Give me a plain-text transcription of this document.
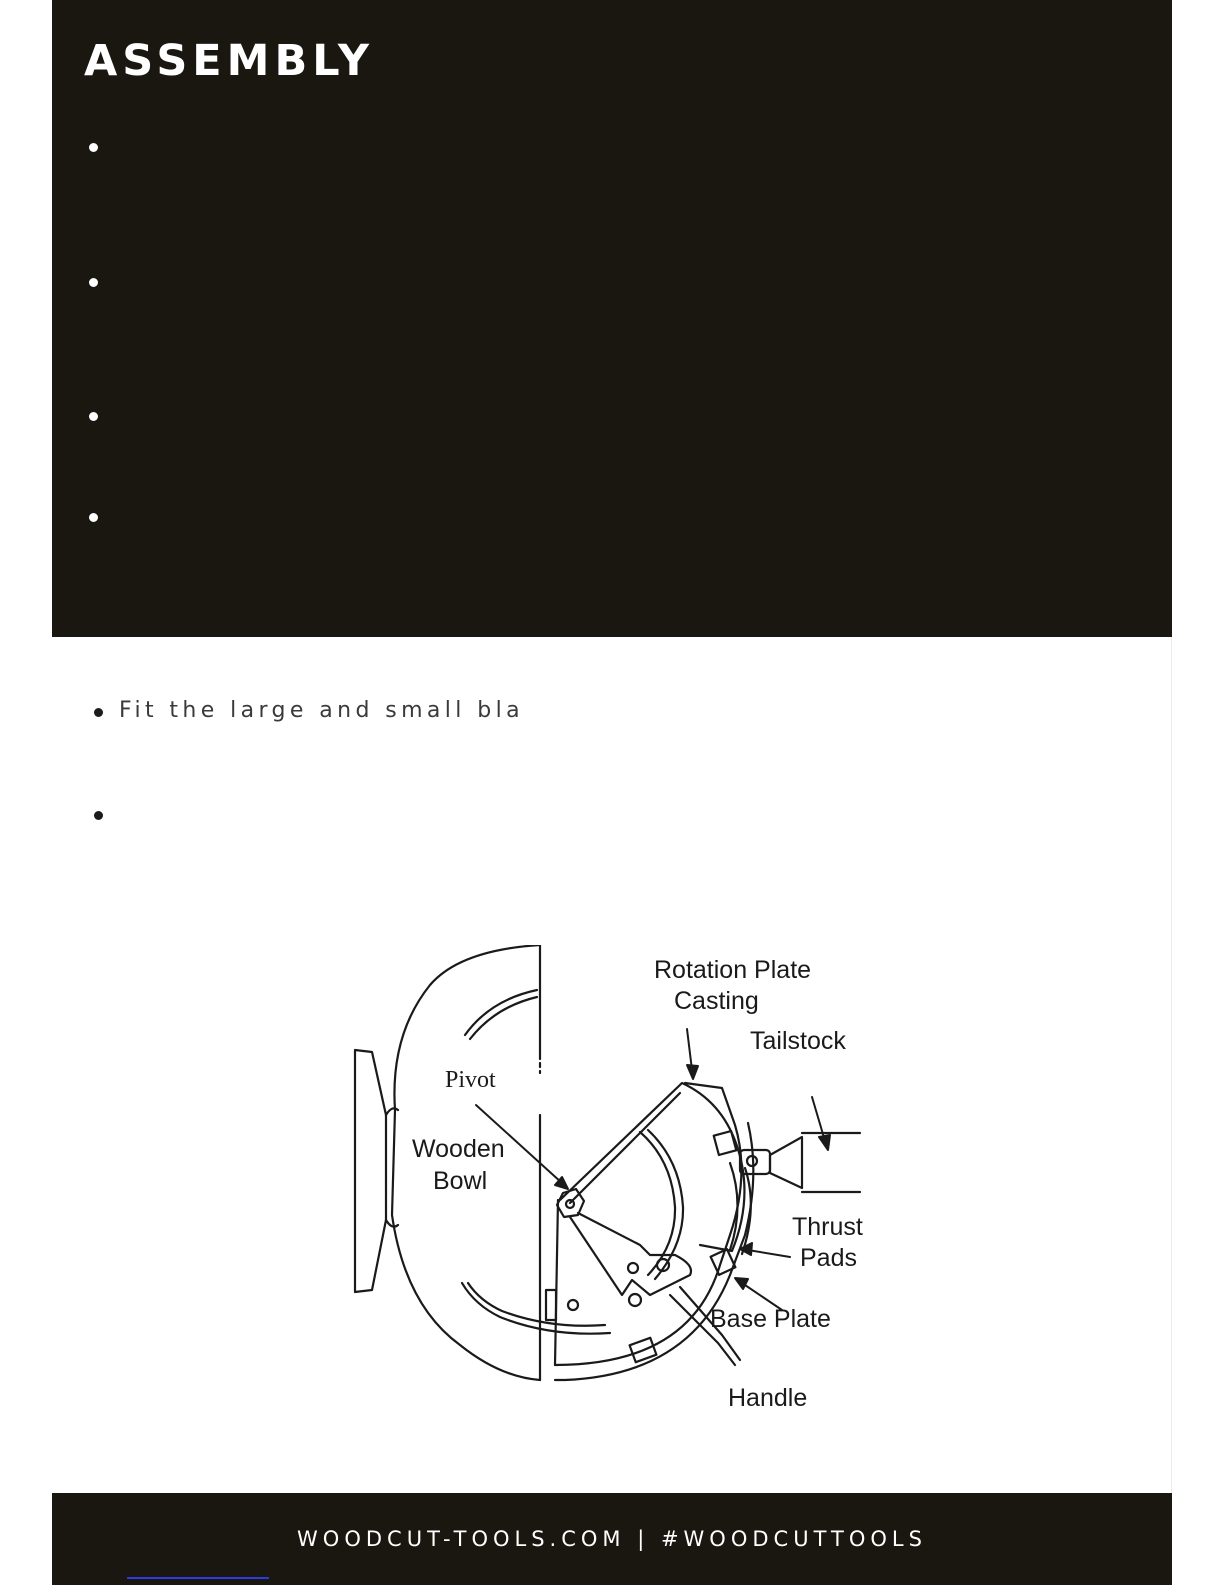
ASSEMBLY
Fit the large and small bla
Rotation Plate
Casting
Tailstock
Pivot
Wooden
Bowl
Thrust
Pads
Base Plate
Handle
WOODCUT-TOOLS.COM | #WOODCUTTOOLS
